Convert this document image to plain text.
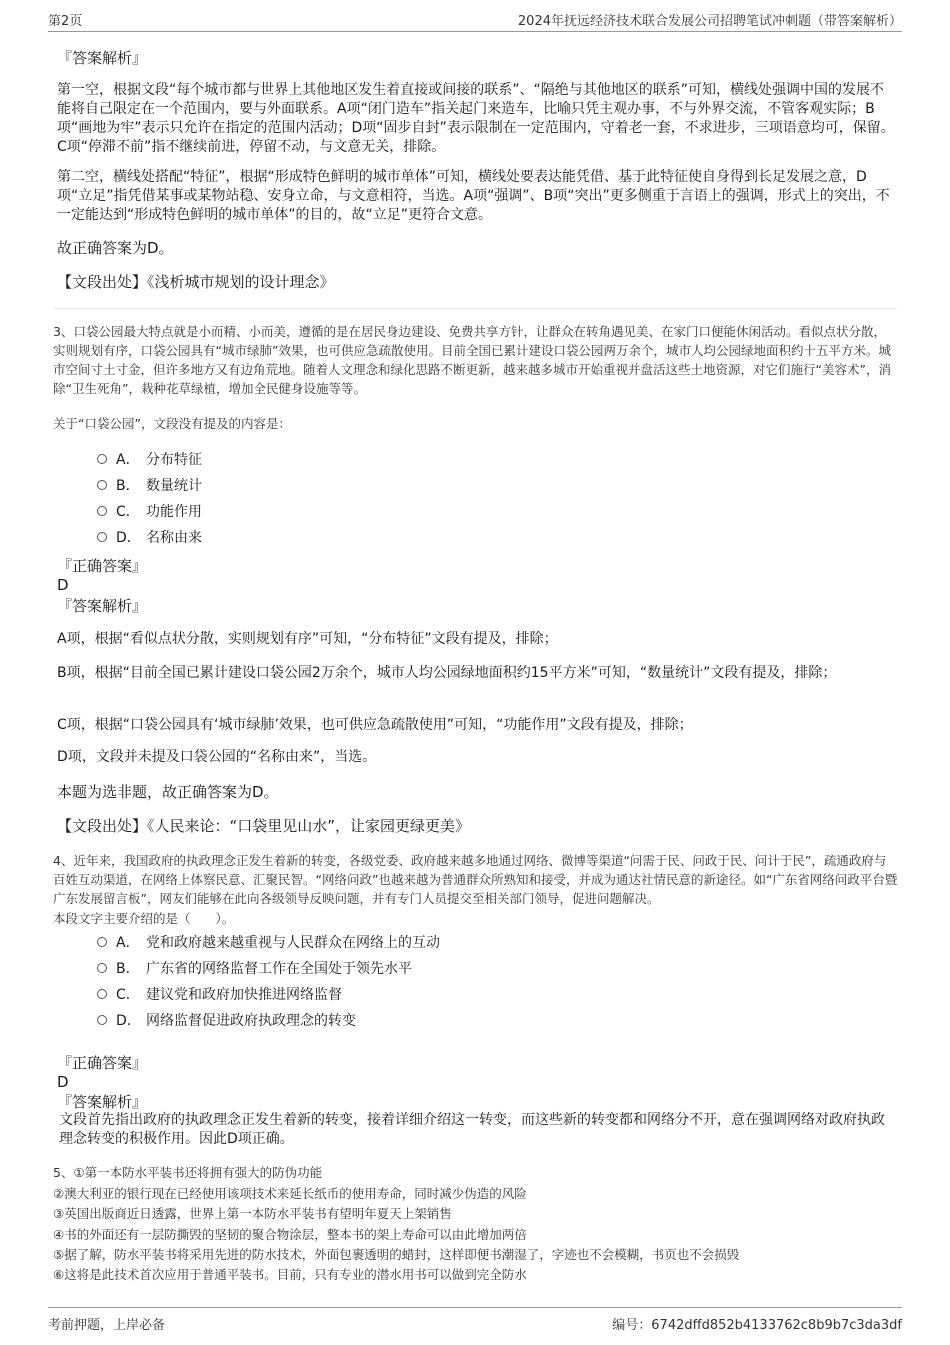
第2页	2024年抚远经济技术联合发展公司招聘笔试冲刺题（带答案解析）
『答案解析』

第一空，根据文段“每个城市都与世界上其他地区发生着直接或间接的联系”、“隔绝与其他地区的联系”可知，横线处强调中国的发展不能将自己限定在一个范围内，要与外面联系。A项“闭门造车”指关起门来造车，比喻只凭主观办事，不与外界交流，不管客观实际；B项“画地为牢”表示只允许在指定的范围内活动；D项“固步自封”表示限制在一定范围内，守着老一套，不求进步，三项语意均可，保留。C项“停滞不前”指不继续前进，停留不动，与文意无关，排除。

第二空，横线处搭配“特征”，根据“形成特色鲜明的城市单体”可知，横线处要表达能凭借、基于此特征使自身得到长足发展之意，D项“立足”指凭借某事或某物站稳、安身立命，与文意相符，当选。A项“强调”、B项“突出”更多侧重于言语上的强调，形式上的突出，不一定能达到“形成特色鲜明的城市单体”的目的，故“立足”更符合文意。

故正确答案为D。
【文段出处】《浅析城市规划的设计理念》

3、口袋公园最大特点就是小而精、小而美，遵循的是在居民身边建设、免费共享方针，让群众在转角遇见美、在家门口便能休闲活动。看似点状分散，实则规划有序，口袋公园具有“城市绿肺”效果，也可供应急疏散使用。目前全国已累计建设口袋公园两万余个，城市人均公园绿地面积约十五平方米。城市空间寸土寸金，但许多地方又有边角荒地。随着人文理念和绿化思路不断更新，越来越多城市开始重视并盘活这些土地资源，对它们施行“美容术”，消除“卫生死角”，栽种花草绿植，增加全民健身设施等等。

关于“口袋公园”，文段没有提及的内容是：
A． 分布特征
B． 数量统计
C． 功能作用
D． 名称由来
『正确答案』
D
『答案解析』

A项，根据“看似点状分散，实则规划有序”可知，“分布特征”文段有提及，排除；

B项，根据“目前全国已累计建设口袋公园2万余个，城市人均公园绿地面积约15平方米”可知，“数量统计”文段有提及，排除；

C项，根据“口袋公园具有‘城市绿肺’效果，也可供应急疏散使用”可知，“功能作用”文段有提及，排除；

D项，文段并未提及口袋公园的“名称由来”，当选。

本题为选非题，故正确答案为D。
【文段出处】《人民来论：“口袋里见山水”，让家园更绿更美》

4、近年来，我国政府的执政理念正发生着新的转变，各级党委、政府越来越多地通过网络、微博等渠道“问需于民、问政于民、问计于民”，疏通政府与百姓互动渠道，在网络上体察民意、汇聚民智。“网络问政”也越来越为普通群众所熟知和接受，并成为通达社情民意的新途径。如“广东省网络问政平台暨广东发展留言板”，网友们能够在此向各级领导反映问题，并有专门人员提交至相关部门领导，促进问题解决。

本段文字主要介绍的是（　　）。
A． 党和政府越来越重视与人民群众在网络上的互动
B． 广东省的网络监督工作在全国处于领先水平
C． 建议党和政府加快推进网络监督
D． 网络监督促进政府执政理念的转变
『正确答案』
D
『答案解析』

文段首先指出政府的执政理念正发生着新的转变，接着详细介绍这一转变，而这些新的转变都和网络分不开，意在强调网络对政府执政理念转变的积极作用。因此D项正确。

5、①第一本防水平装书还将拥有强大的防伪功能
②澳大利亚的银行现在已经使用该项技术来延长纸币的使用寿命，同时减少伪造的风险
③英国出版商近日透露，世界上第一本防水平装书有望明年夏天上架销售
④书的外面还有一层防撕毁的坚韧的聚合物涂层，整本书的架上寿命可以由此增加两倍
⑤据了解，防水平装书将采用先进的防水技术，外面包裹透明的蜡封，这样即便书潮湿了，字迹也不会模糊，书页也不会损毁
⑥这将是此技术首次应用于普通平装书。目前，只有专业的潜水用书可以做到完全防水
考前押题，上岸必备	编号：6742dffd852b4133762c8b9b7c3da3df
